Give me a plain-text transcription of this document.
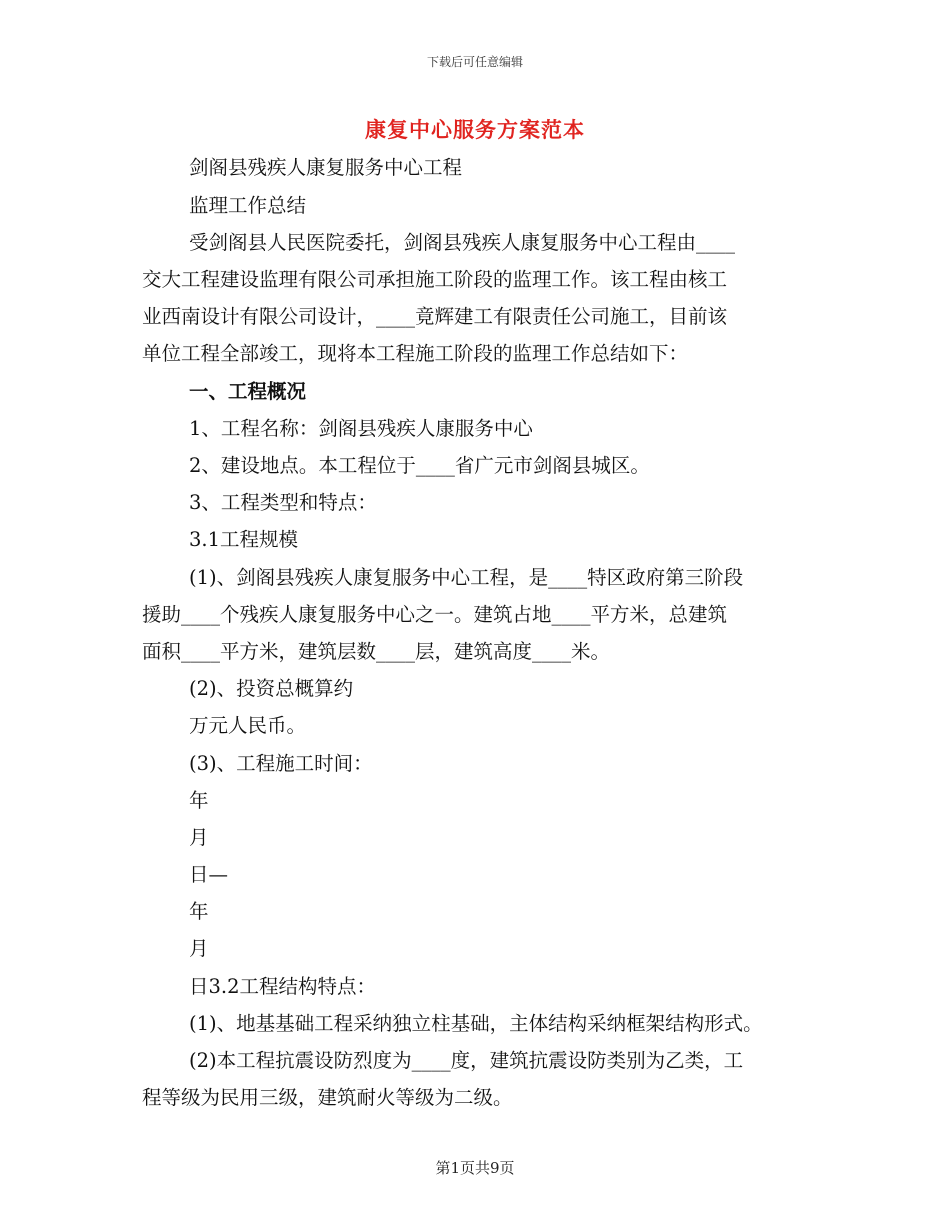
下载后可任意编辑
康复中心服务方案范本
剑阁县残疾人康复服务中心工程
监理工作总结
受剑阁县人民医院委托，剑阁县残疾人康复服务中心工程由____
交大工程建设监理有限公司承担施工阶段的监理工作。该工程由核工
业西南设计有限公司设计，____竟辉建工有限责任公司施工，目前该
单位工程全部竣工，现将本工程施工阶段的监理工作总结如下：
一、工程概况
1、工程名称：剑阁县残疾人康服务中心
2、建设地点。本工程位于____省广元市剑阁县城区。
3、工程类型和特点：
3.1工程规模
(1)、剑阁县残疾人康复服务中心工程，是____特区政府第三阶段
援助____个残疾人康复服务中心之一。建筑占地____平方米，总建筑
面积____平方米，建筑层数____层，建筑高度____米。
(2)、投资总概算约
万元人民币。
(3)、工程施工时间：
年
月
日—
年
月
日3.2工程结构特点：
(1)、地基基础工程采纳独立柱基础，主体结构采纳框架结构形式。
(2)本工程抗震设防烈度为____度，建筑抗震设防类别为乙类，工
程等级为民用三级，建筑耐火等级为二级。
第1页共9页
